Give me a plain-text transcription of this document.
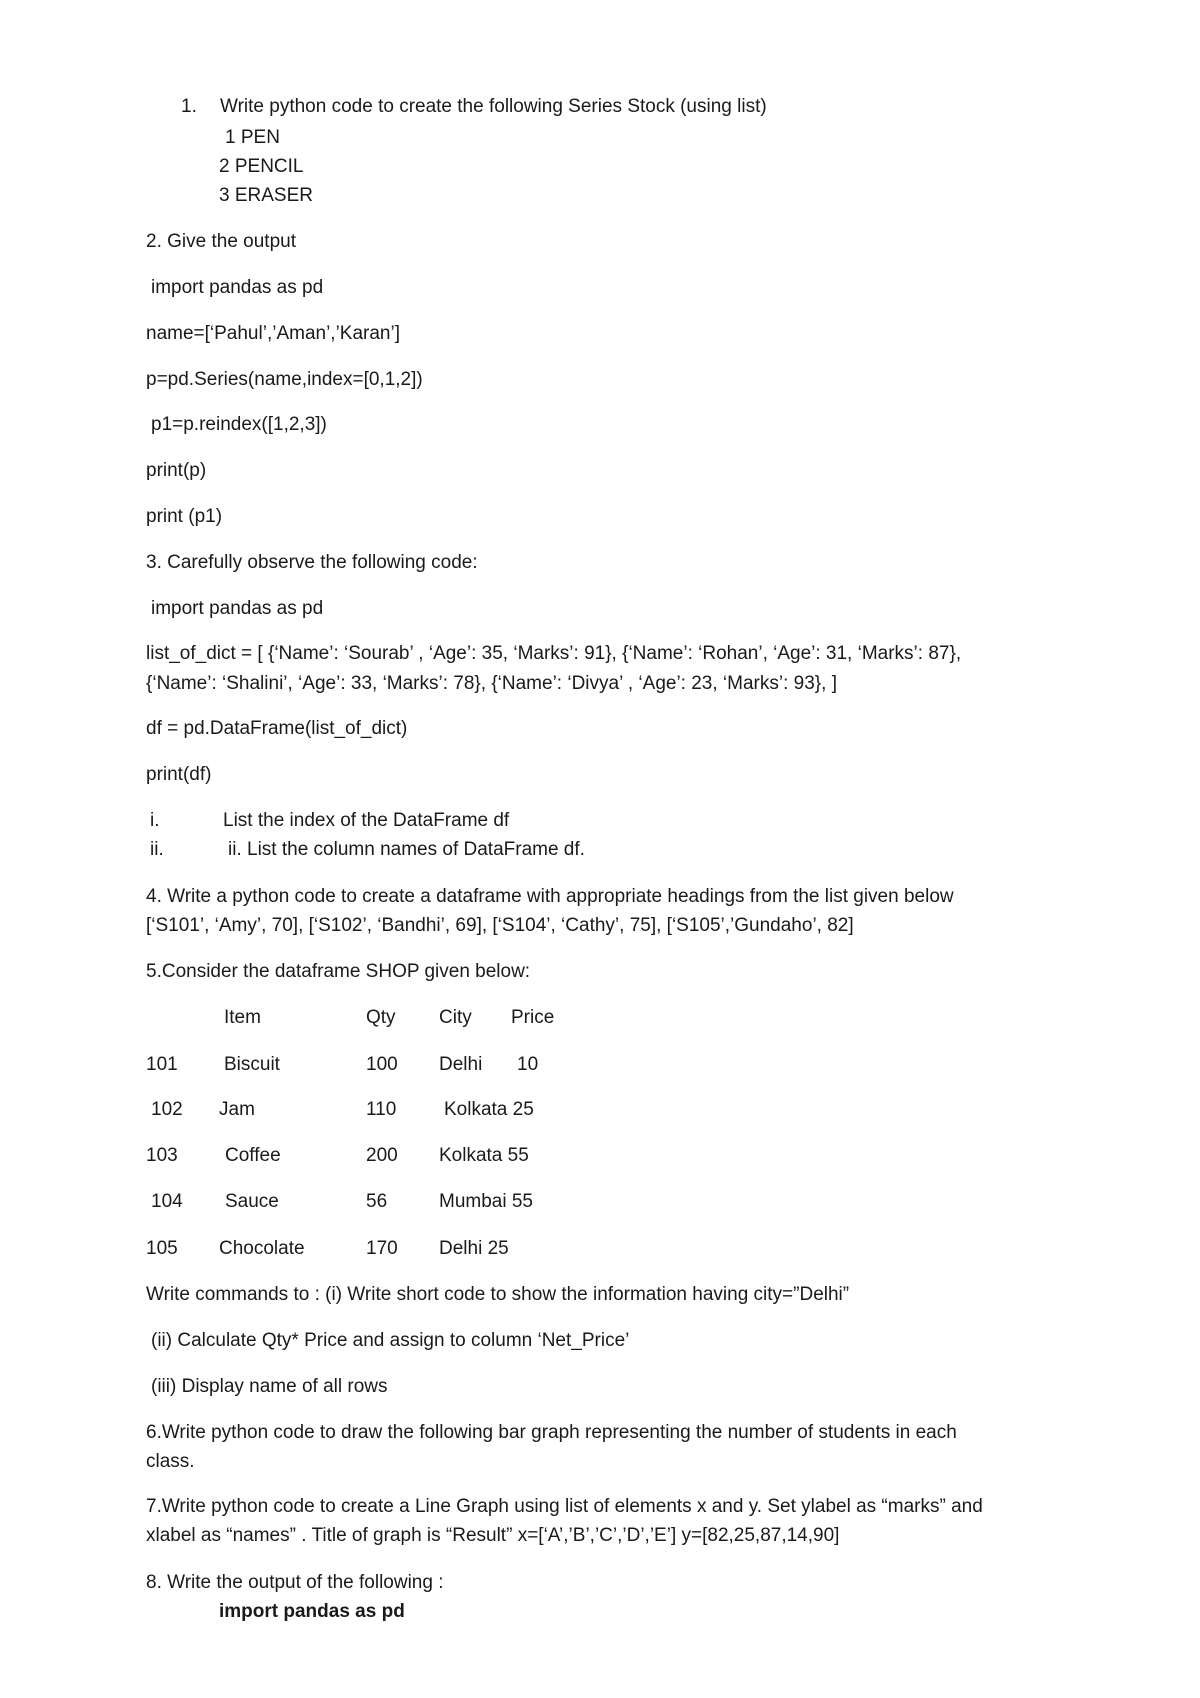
1. Write python code to create the following Series Stock (using list)
1 PEN
2 PENCIL
3 ERASER
2. Give the output
import pandas as pd
name=[‘Pahul’,’Aman’,’Karan’]
p=pd.Series(name,index=[0,1,2])
p1=p.reindex([1,2,3])
print(p)
print (p1)
3. Carefully observe the following code:
import pandas as pd
list_of_dict = [ {‘Name’: ‘Sourab’ , ‘Age’: 35, ‘Marks’: 91}, {‘Name’: ‘Rohan’, ‘Age’: 31, ‘Marks’: 87},
{‘Name’: ‘Shalini’, ‘Age’: 33, ‘Marks’: 78}, {‘Name’: ‘Divya’ , ‘Age’: 23, ‘Marks’: 93}, ]
df = pd.DataFrame(list_of_dict)
print(df)
i.	List the index of the DataFrame df
ii.	ii. List the column names of DataFrame df.
4. Write a python code to create a dataframe with appropriate headings from the list given below
[‘S101’, ‘Amy’, 70], [‘S102’, ‘Bandhi’, 69], [‘S104’, ‘Cathy’, 75], [‘S105’,’Gundaho’, 82]
5.Consider the dataframe SHOP given below:
Item	Qty City Price
101 Biscuit	100 Delhi 10
102 Jam	110	Kolkata 25
103 Coffee	200 Kolkata 55
104 Sauce	56	Mumbai 55
105 Chocolate	170 Delhi 25
Write commands to : (i) Write short code to show the information having city=”Delhi”
(ii) Calculate Qty* Price and assign to column ‘Net_Price’
(iii) Display name of all rows
6.Write python code to draw the following bar graph representing the number of students in each
class.
7.Write python code to create a Line Graph using list of elements x and y. Set ylabel as “marks” and
xlabel as “names” . Title of graph is “Result” x=[‘A’,’B’,’C’,’D’,’E’] y=[82,25,87,14,90]
8. Write the output of the following :
import pandas as pd
